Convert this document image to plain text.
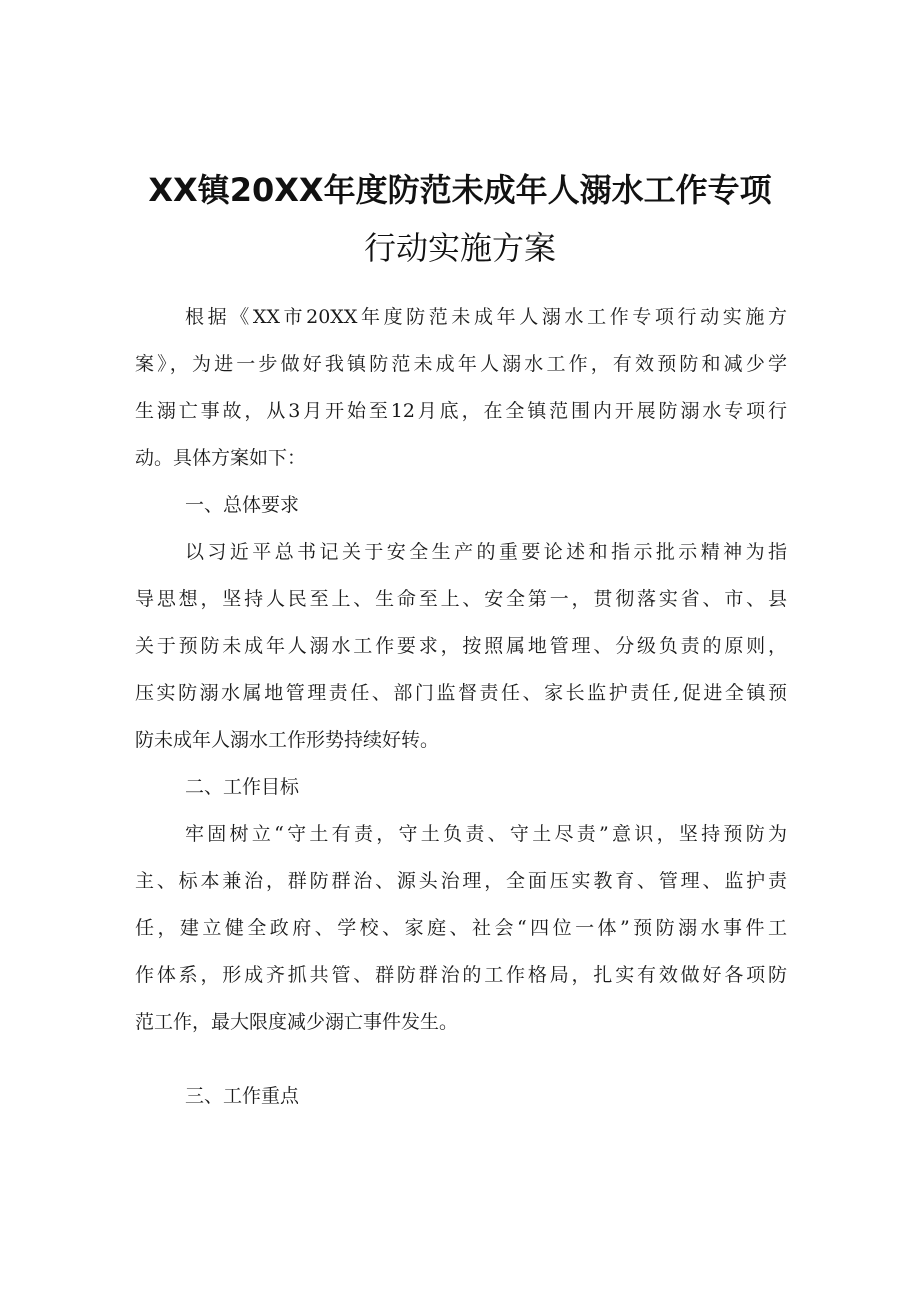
XX镇20XX年度防范未成年人溺水工作专项
行动实施方案
根据《XX市20XX年度防范未成年人溺水工作专项行动实施方
案》，为进一步做好我镇防范未成年人溺水工作，有效预防和减少学
生溺亡事故，从3月开始至12月底，在全镇范围内开展防溺水专项行
动。具体方案如下：
一、总体要求
以习近平总书记关于安全生产的重要论述和指示批示精神为指
导思想，坚持人民至上、生命至上、安全第一，贯彻落实省、市、县
关于预防未成年人溺水工作要求，按照属地管理、分级负责的原则，
压实防溺水属地管理责任、部门监督责任、家长监护责任,促进全镇预
防未成年人溺水工作形势持续好转。
二、工作目标
牢固树立“守土有责，守土负责、守土尽责”意识，坚持预防为
主、标本兼治，群防群治、源头治理，全面压实教育、管理、监护责
任，建立健全政府、学校、家庭、社会“四位一体”预防溺水事件工
作体系，形成齐抓共管、群防群治的工作格局，扎实有效做好各项防
范工作，最大限度减少溺亡事件发生。
三、工作重点
